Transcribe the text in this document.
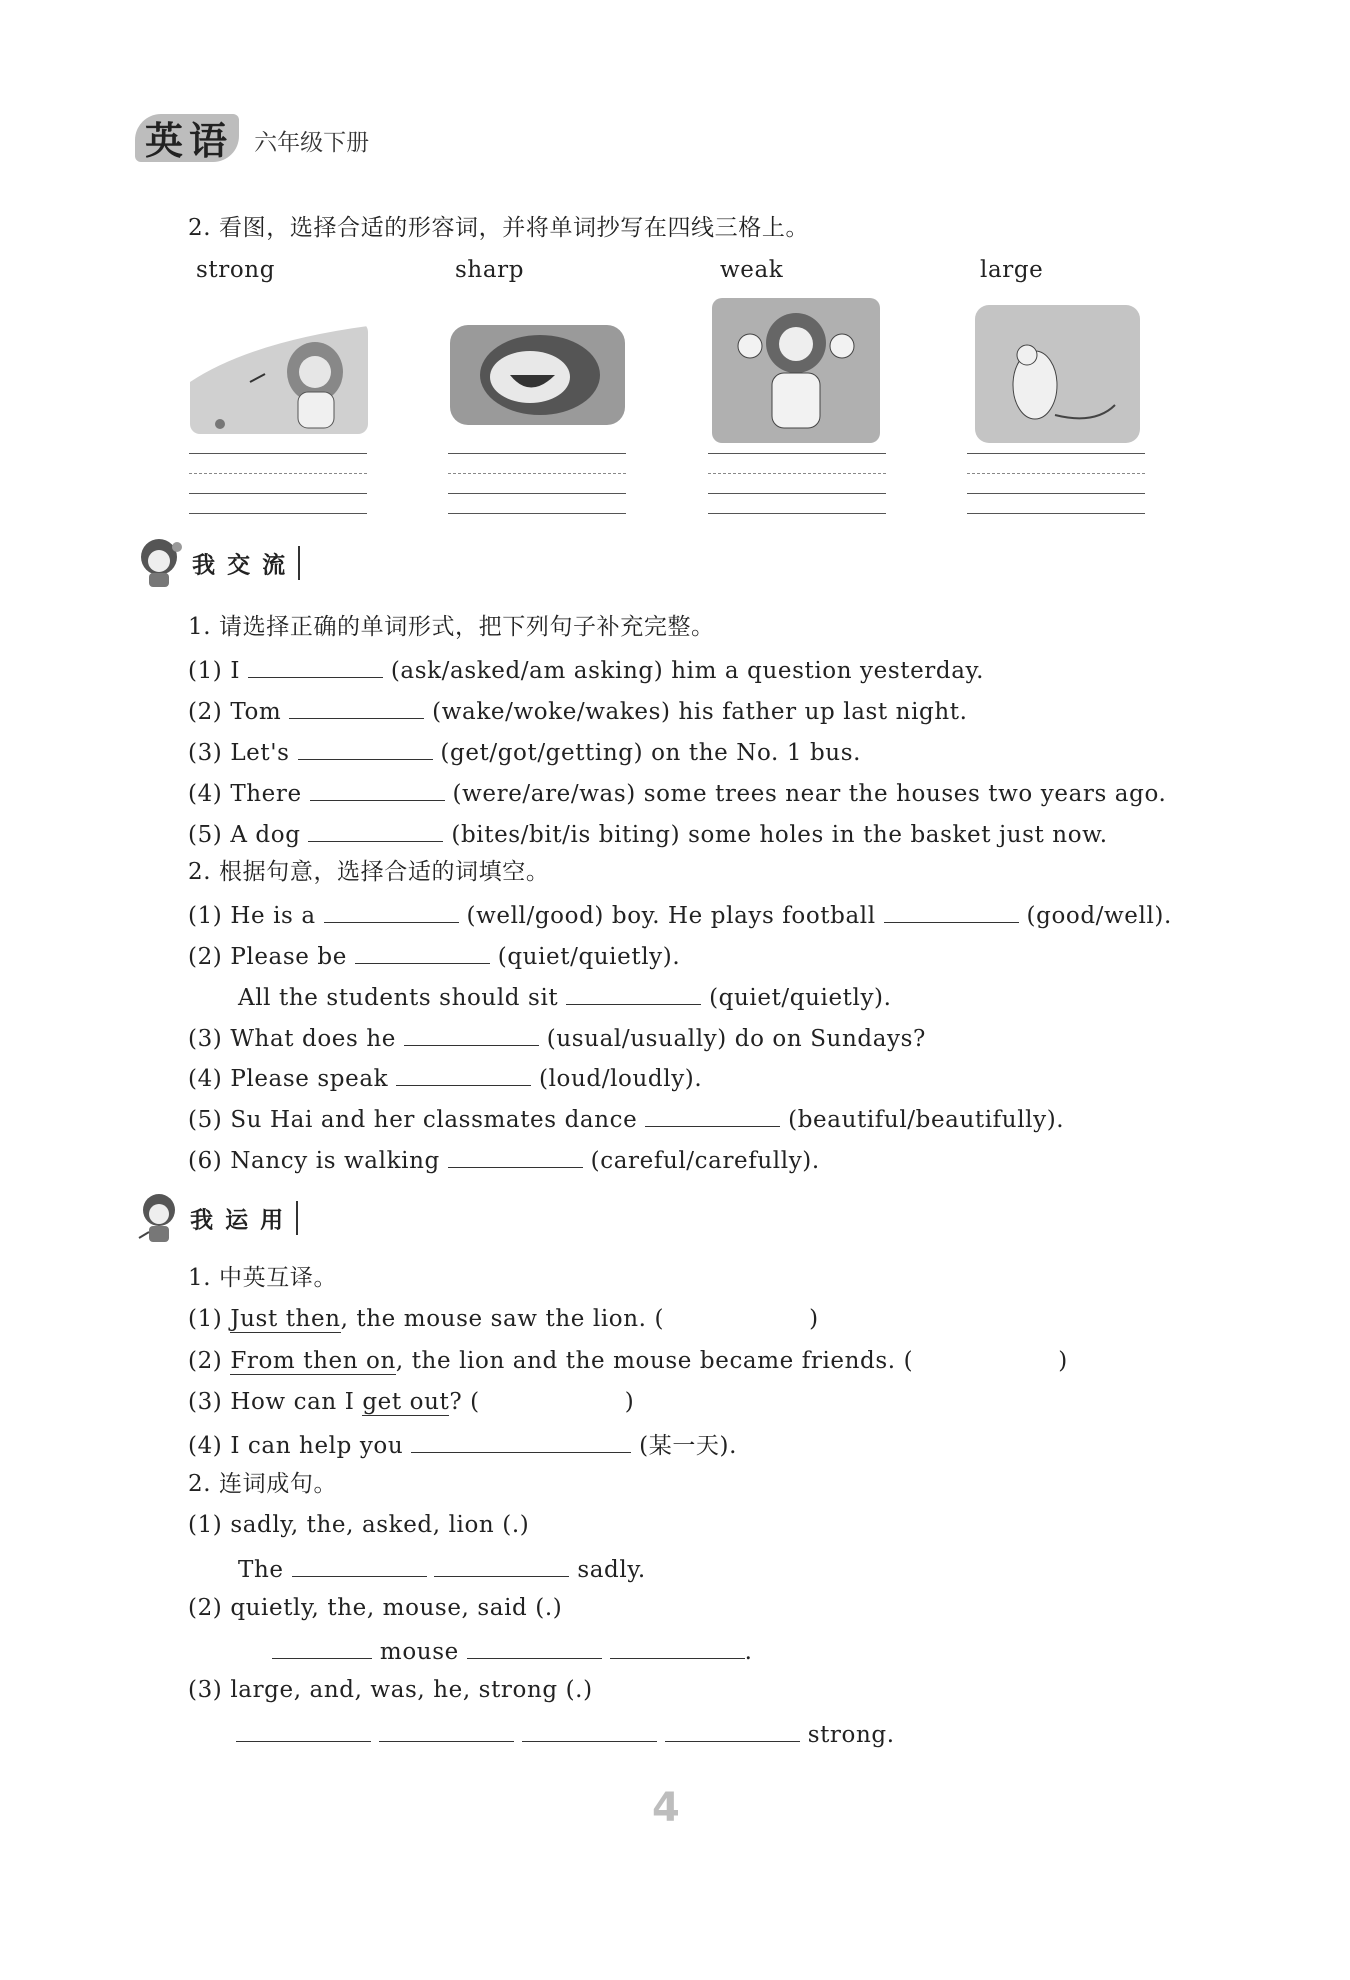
英语 六年级下册
2. 看图，选择合适的形容词，并将单词抄写在四线三格上。
strong	sharp	weak	large
我 交 流
1. 请选择正确的单词形式，把下列句子补充完整。
(1) I	(ask/asked/am asking) him a question yesterday.
(2) Tom	(wake/woke/wakes) his father up last night.
(3) Let's	(get/got/getting) on the No. 1 bus.
(4) There	(were/are/was) some trees near the houses two years ago.
(5) A dog	(bites/bit/is biting) some holes in the basket just now.
2. 根据句意，选择合适的词填空。
(1) He is a	(well/good) boy. He plays football	(good/well).
(2) Please be	(quiet/quietly).
All the students should sit	(quiet/quietly).
(3) What does he	(usual/usually) do on Sundays?
(4) Please speak	(loud/loudly).
(5) Su Hai and her classmates dance	(beautiful/beautifully).
(6) Nancy is walking	(careful/carefully).
我 运 用
1. 中英互译。
(1) Just then, the mouse saw the lion. (	)
(2) From then on, the lion and the mouse became friends. (	)
(3) How can I get out? (	)
(4) I can help you	(某一天).
2. 连词成句。
(1) sadly, the, asked, lion (.)
The	sadly.
(2) quietly, the, mouse, said (.)
mouse	.
(3) large, and, was, he, strong (.)
strong.
4
